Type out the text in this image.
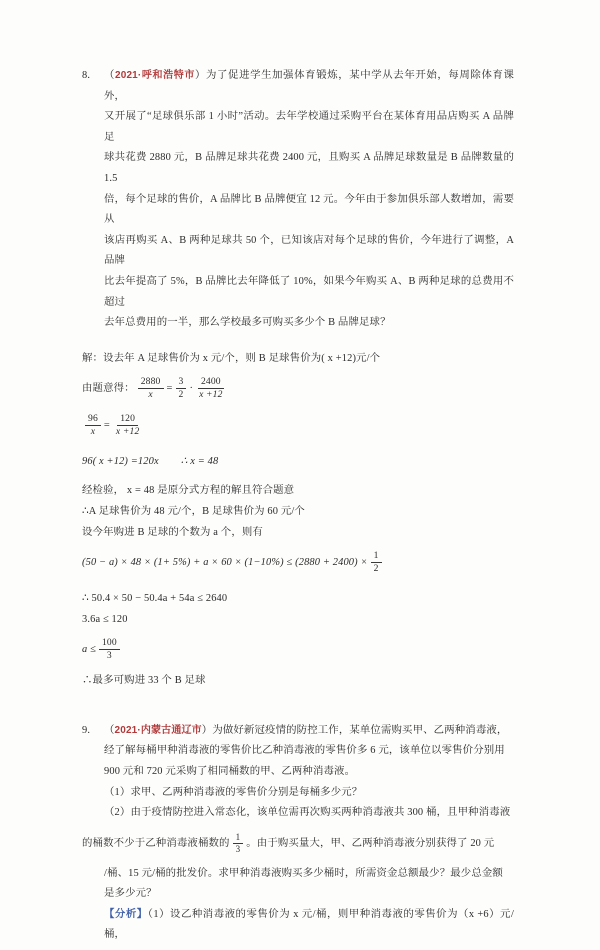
8.	（2021·呼和浩特市）为了促进学生加强体育锻炼，某中学从去年开始，每周除体育课外，

又开展了“足球俱乐部 1 小时”活动。去年学校通过采购平台在某体育用品店购买 A 品牌足

球共花费 2880 元，B 品牌足球共花费 2400 元，且购买 A 品牌足球数量是 B 品牌数量的 1.5

倍，每个足球的售价，A 品牌比 B 品牌便宜 12 元。今年由于参加俱乐部人数增加，需要从

该店再购买 A、B 两种足球共 50 个，已知该店对每个足球的售价，今年进行了调整，A 品牌

比去年提高了 5%，B 品牌比去年降低了 10%，如果今年购买 A、B 两种足球的总费用不超过

去年总费用的一半，那么学校最多可购买多少个 B 品牌足球？

解：设去年 A 足球售价为 x 元/个，则 B 足球售价为( x +12)元/个

由题意得： $\frac{2880}{x} = \frac{3}{2} \cdot \frac{2400}{x +12}$
$\frac{96}{x} = \frac{120}{x +12}$
96( x +12) =120x ∴ x = 48

经检验， x = 48 是原分式方程的解且符合题意

∴A 足球售价为 48 元/个，B 足球售价为 60 元/个

设今年购进 B 足球的个数为 a 个，则有

$(50 - a) \times 48 \times (1+ 5\%) + a \times 60 \times (1-10\%) \le (2880 + 2400) \times \frac{1}{2}$

∴ 50.4 × 50 − 50.4a + 54a ≤ 2640

3.6a ≤ 120

$a \le \frac{100}{3}$

∴最多可购进 33 个 B 足球

9.	（2021·内蒙古通辽市）为做好新冠疫情的防控工作，某单位需购买甲、乙两种消毒液，

经了解每桶甲种消毒液的零售价比乙种消毒液的零售价多 6 元，该单位以零售价分别用

900 元和 720 元采购了相同桶数的甲、乙两种消毒液。

（1）求甲、乙两种消毒液的零售价分别是每桶多少元？

（2）由于疫情防控进入常态化，该单位需再次购买两种消毒液共 300 桶，且甲种消毒液

的桶数不少于乙种消毒液桶数的 $\frac{1}{3}$ 。由于购买量大，甲、乙两种消毒液分别获得了 20 元

/桶、15 元/桶的批发价。求甲种消毒液购买多少桶时，所需资金总额最少？最少总金额

是多少元？

【分析】（1）设乙种消毒液的零售价为 x 元/桶，则甲种消毒液的零售价为（x +6）元/桶，
